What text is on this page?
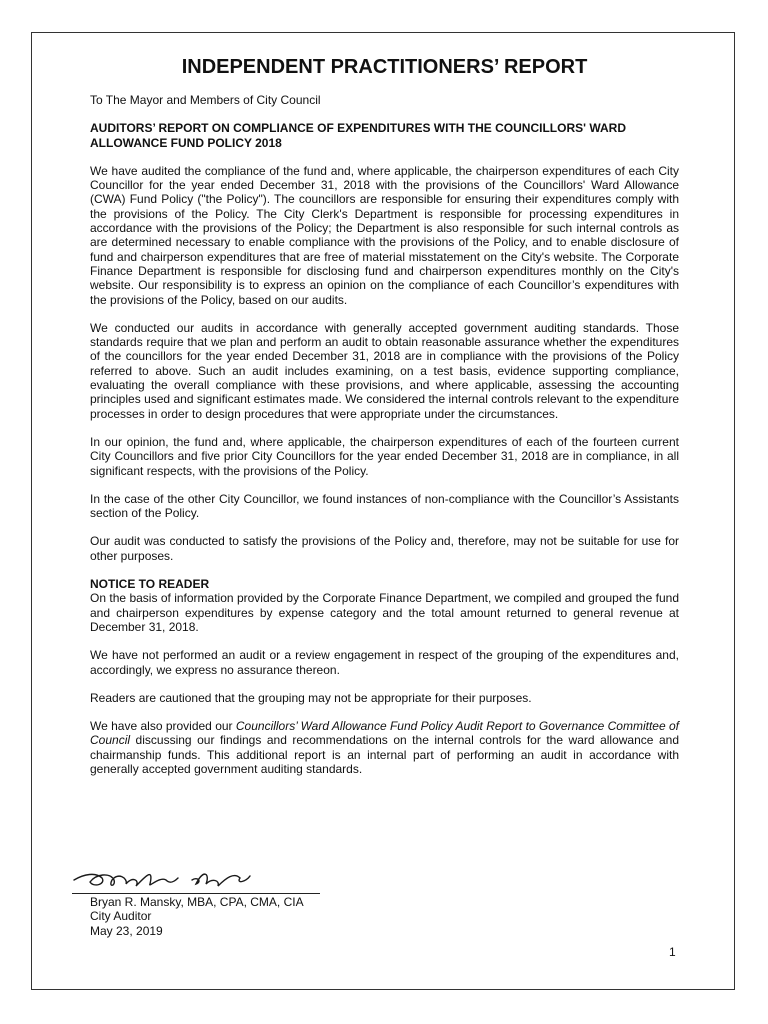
INDEPENDENT PRACTITIONERS’ REPORT

To The Mayor and Members of City Council

AUDITORS’ REPORT ON COMPLIANCE OF EXPENDITURES WITH THE COUNCILLORS' WARD ALLOWANCE FUND POLICY 2018

We have audited the compliance of the fund and, where applicable, the chairperson expenditures of each City Councillor for the year ended December 31, 2018 with the provisions of the Councillors' Ward Allowance (CWA) Fund Policy ("the Policy"). The councillors are responsible for ensuring their expenditures comply with the provisions of the Policy. The City Clerk's Department is responsible for processing expenditures in accordance with the provisions of the Policy; the Department is also responsible for such internal controls as are determined necessary to enable compliance with the provisions of the Policy, and to enable disclosure of fund and chairperson expenditures that are free of material misstatement on the City's website. The Corporate Finance Department is responsible for disclosing fund and chairperson expenditures monthly on the City's website. Our responsibility is to express an opinion on the compliance of each Councillor’s expenditures with the provisions of the Policy, based on our audits.

We conducted our audits in accordance with generally accepted government auditing standards. Those standards require that we plan and perform an audit to obtain reasonable assurance whether the expenditures of the councillors for the year ended December 31, 2018 are in compliance with the provisions of the Policy referred to above. Such an audit includes examining, on a test basis, evidence supporting compliance, evaluating the overall compliance with these provisions, and where applicable, assessing the accounting principles used and significant estimates made. We considered the internal controls relevant to the expenditure processes in order to design procedures that were appropriate under the circumstances.

In our opinion, the fund and, where applicable, the chairperson expenditures of each of the fourteen current City Councillors and five prior City Councillors for the year ended December 31, 2018 are in compliance, in all significant respects, with the provisions of the Policy.

In the case of the other City Councillor, we found instances of non-compliance with the Councillor’s Assistants section of the Policy.

Our audit was conducted to satisfy the provisions of the Policy and, therefore, may not be suitable for use for other purposes.

NOTICE TO READER

On the basis of information provided by the Corporate Finance Department, we compiled and grouped the fund and chairperson expenditures by expense category and the total amount returned to general revenue at December 31, 2018.

We have not performed an audit or a review engagement in respect of the grouping of the expenditures and, accordingly, we express no assurance thereon.

Readers are cautioned that the grouping may not be appropriate for their purposes.

We have also provided our Councillors’ Ward Allowance Fund Policy Audit Report to Governance Committee of Council discussing our findings and recommendations on the internal controls for the ward allowance and chairmanship funds. This additional report is an internal part of performing an audit in accordance with generally accepted government auditing standards.

Bryan R. Mansky, MBA, CPA, CMA, CIA
City Auditor
May 23, 2019
1
